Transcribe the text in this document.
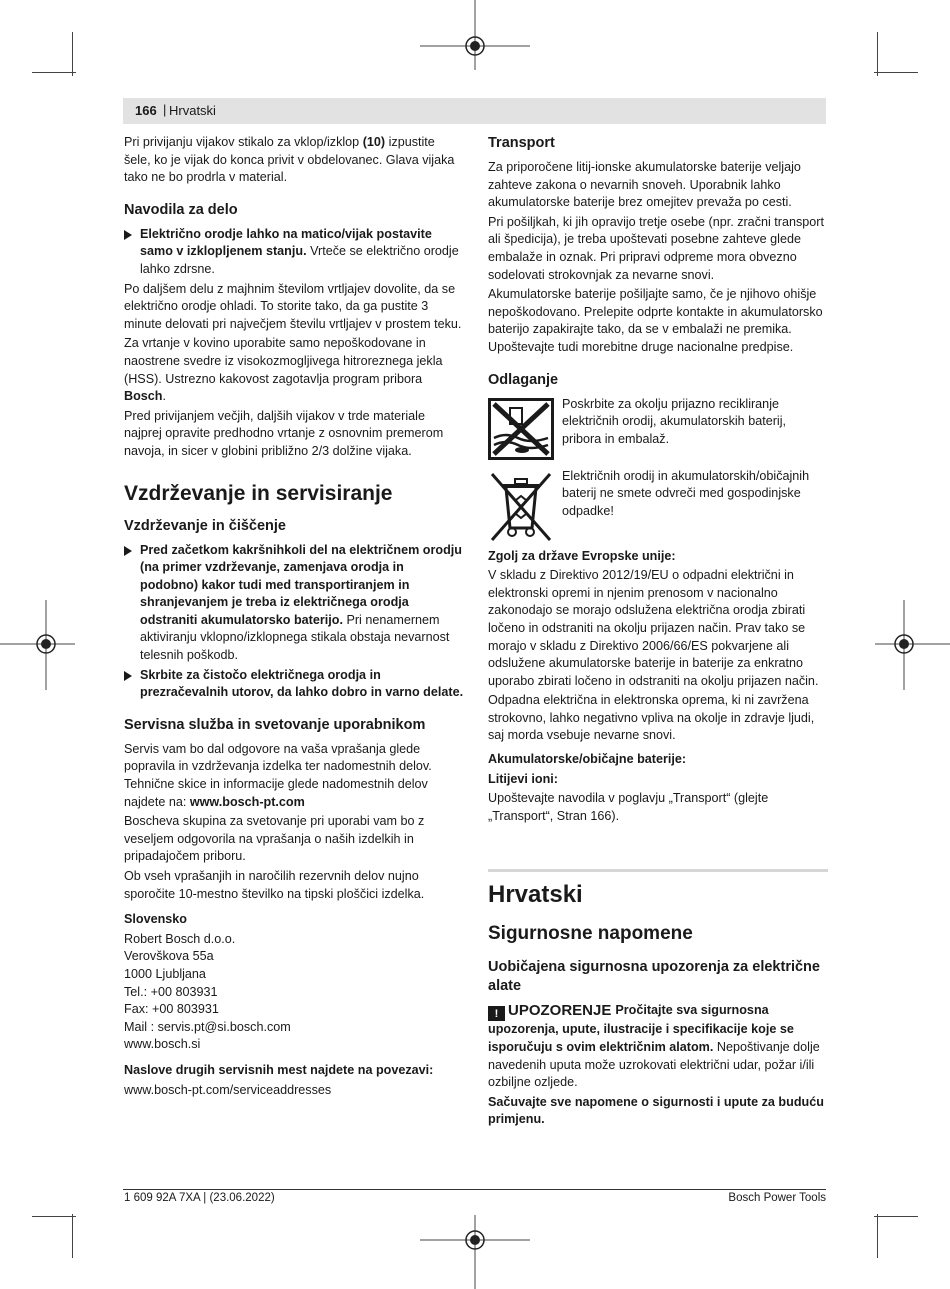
166 | Hrvatski

Pri privijanju vijakov stikalo za vklop/izklop (10) izpustite šele, ko je vijak do konca privit v obdelovanec. Glava vijaka tako ne bo prodrla v material.

Navodila za delo
Električno orodje lahko na matico/vijak postavite samo v izklopljenem stanju. Vrteče se električno orodje lahko zdrsne.

Po daljšem delu z majhnim številom vrtljajev dovolite, da se električno orodje ohladi. To storite tako, da ga pustite 3 minute delovati pri največjem številu vrtljajev v prostem teku.

Za vrtanje v kovino uporabite samo nepoškodovane in naostrene svedre iz visokozmogljivega hitroreznega jekla (HSS). Ustrezno kakovost zagotavlja program pribora Bosch.

Pred privijanjem večjih, daljših vijakov v trde materiale najprej opravite predhodno vrtanje z osnovnim premerom navoja, in sicer v globini približno 2/3 dolžine vijaka.

Vzdrževanje in servisiranje
Vzdrževanje in čiščenje
Pred začetkom kakršnihkoli del na električnem orodju (na primer vzdrževanje, zamenjava orodja in podobno) kakor tudi med transportiranjem in shranjevanjem je treba iz električnega orodja odstraniti akumulatorsko baterijo. Pri nenamernem aktiviranju vklopno/izklopnega stikala obstaja nevarnost telesnih poškodb.
Skrbite za čistočo električnega orodja in prezračevalnih utorov, da lahko dobro in varno delate.
Servisna služba in svetovanje uporabnikom

Servis vam bo dal odgovore na vaša vprašanja glede popravila in vzdrževanja izdelka ter nadomestnih delov. Tehnične skice in informacije glede nadomestnih delov najdete na: www.bosch-pt.com

Boscheva skupina za svetovanje pri uporabi vam bo z veseljem odgovorila na vprašanja o naših izdelkih in pripadajočem priboru.

Ob vseh vprašanjih in naročilih rezervnih delov nujno sporočite 10-mestno številko na tipski ploščici izdelka.

Slovensko
Robert Bosch d.o.o.
Verovškova 55a
1000 Ljubljana
Tel.: +00 803931
Fax: +00 803931
Mail : servis.pt@si.bosch.com
www.bosch.si
Naslove drugih servisnih mest najdete na povezavi:
www.bosch-pt.com/serviceaddresses
Transport

Za priporočene litij-ionske akumulatorske baterije veljajo zahteve zakona o nevarnih snoveh. Uporabnik lahko akumulatorske baterije brez omejitev prevaža po cesti.

Pri pošiljkah, ki jih opravijo tretje osebe (npr. zračni transport ali špedicija), je treba upoštevati posebne zahteve glede embalaže in oznak. Pri pripravi odpreme mora obvezno sodelovati strokovnjak za nevarne snovi.

Akumulatorske baterije pošiljajte samo, če je njihovo ohišje nepoškodovano. Prelepite odprte kontakte in akumulatorsko baterijo zapakirajte tako, da se v embalaži ne premika. Upoštevajte tudi morebitne druge nacionalne predpise.

Odlaganje
Poskrbite za okolju prijazno recikliranje električnih orodij, akumulatorskih baterij, pribora in embalaž.
Električnih orodij in akumulatorskih/običajnih baterij ne smete odvreči med gospodinjske odpadke!
Zgolj za države Evropske unije:

V skladu z Direktivo 2012/19/EU o odpadni električni in elektronski opremi in njenim prenosom v nacionalno zakonodajo se morajo odslužena električna orodja zbirati ločeno in odstraniti na okolju prijazen način. Prav tako se morajo v skladu z Direktivo 2006/66/ES pokvarjene ali odslužene akumulatorske baterije in baterije za enkratno uporabo zbirati ločeno in odstraniti na okolju prijazen način.

Odpadna električna in elektronska oprema, ki ni zavržena strokovno, lahko negativno vpliva na okolje in zdravje ljudi, saj morda vsebuje nevarne snovi.

Akumulatorske/običajne baterije:
Litijevi ioni:

Upoštevajte navodila v poglavju „Transport“ (glejte „Transport“, Stran 166).

Hrvatski
Sigurnosne napomene
Uobičajena sigurnosna upozorenja za električne alate

! UPOZORENJE Pročitajte sva sigurnosna upozorenja, upute, ilustracije i specifikacije koje se isporučuju s ovim električnim alatom. Nepoštivanje dolje navedenih uputa može uzrokovati električni udar, požar i/ili ozbiljne ozljede.

Sačuvajte sve napomene o sigurnosti i upute za buduću primjenu.

1 609 92A 7XA | (23.06.2022)	Bosch Power Tools
